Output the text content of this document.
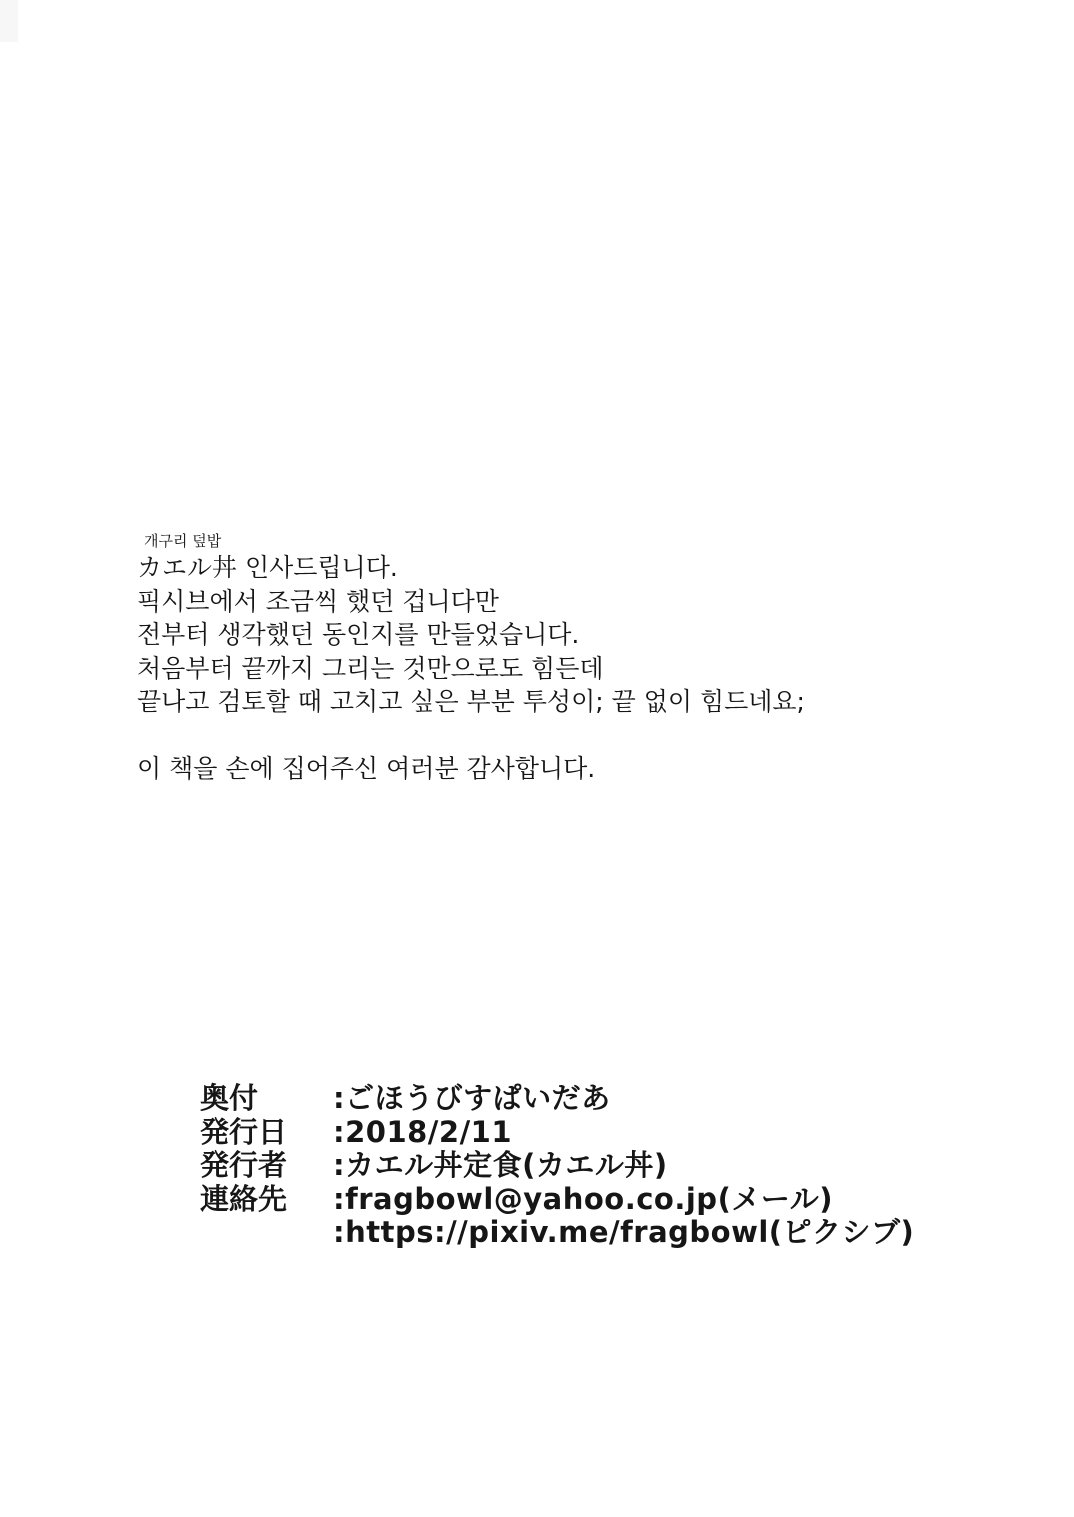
개구리 덮밥
カエル丼 인사드립니다.
픽시브에서 조금씩 했던 겁니다만
전부터 생각했던 동인지를 만들었습니다.
처음부터 끝까지 그리는 것만으로도 힘든데
끝나고 검토할 때 고치고 싶은 부분 투성이; 끝 없이 힘드네요;
이 책을 손에 집어주신 여러분 감사합니다.
奥付	:ごほうびすぱいだあ
発行日	:2018/2/11
発行者	:カエル丼定食(カエル丼)
連絡先	:fragbowl@yahoo.co.jp(メール)
:https://pixiv.me/fragbowl(ピクシブ)
